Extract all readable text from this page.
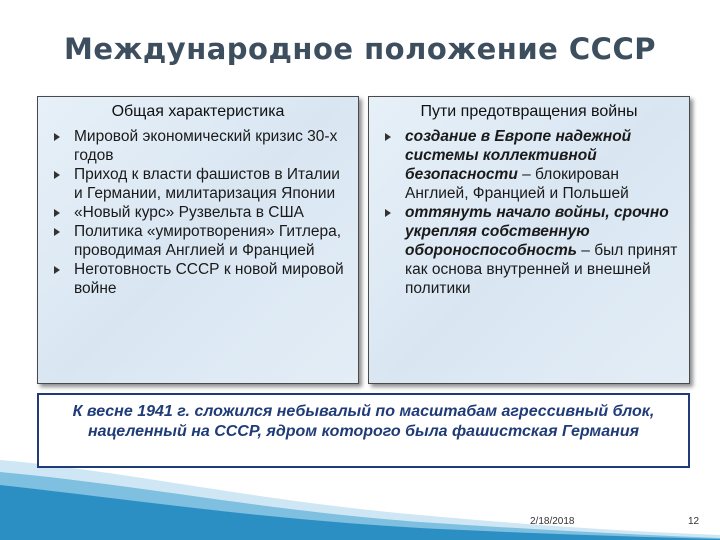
Международное положение СССР
Общая характеристика
Мировой экономический кризис 30-х годов
Приход к власти фашистов в Италии и Германии, милитаризация Японии
«Новый курс» Рузвельта в США
Политика «умиротворения» Гитлера, проводимая Англией и Францией
Неготовность СССР к новой мировой войне
Пути предотвращения войны
создание в Европе надежной системы коллективной безопасности – блокирован Англией, Францией и Польшей
оттянуть начало войны, срочно укрепляя собственную обороноспособность – был принят как основа внутренней и внешней политики
К весне 1941 г. сложился небывалый по масштабам агрессивный блок, нацеленный на СССР, ядром которого была фашистская Германия
2/18/2018	12
